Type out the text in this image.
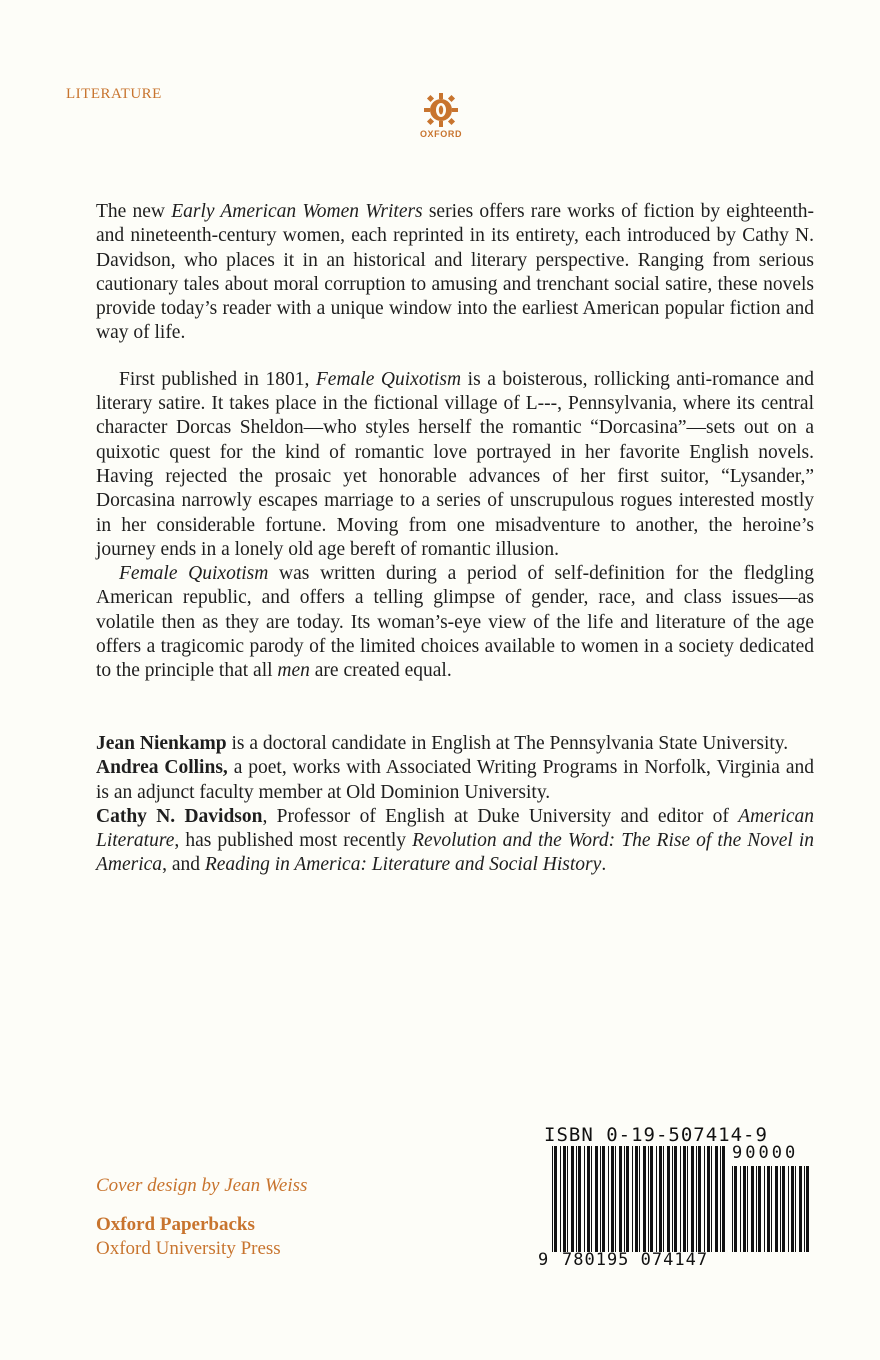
LITERATURE
OXFORD

The new Early American Women Writers series offers rare works of fiction by eighteenth- and nineteenth-century women, each reprinted in its entirety, each introduced by Cathy N. Davidson, who places it in an historical and literary perspective. Ranging from serious cautionary tales about moral corruption to amusing and trenchant social satire, these novels provide today’s reader with a unique window into the earliest American popular fiction and way of life.

First published in 1801, Female Quixotism is a boisterous, rollicking anti-romance and literary satire. It takes place in the fictional village of L---, Pennsylvania, where its central character Dorcas Sheldon—who styles herself the romantic “Dorcasina”—sets out on a quixotic quest for the kind of romantic love portrayed in her favorite English novels. Having rejected the prosaic yet honorable advances of her first suitor, “Lysander,” Dorcasina narrowly escapes marriage to a series of unscrupulous rogues interested mostly in her considerable fortune. Moving from one misadventure to another, the heroine’s journey ends in a lonely old age bereft of romantic illusion.

Female Quixotism was written during a period of self-definition for the fledgling American republic, and offers a telling glimpse of gender, race, and class issues—as volatile then as they are today. Its woman’s-eye view of the life and literature of the age offers a tragicomic parody of the limited choices available to women in a society dedicated to the principle that all men are created equal.

Jean Nienkamp is a doctoral candidate in English at The Pennsylvania State University.

Andrea Collins, a poet, works with Associated Writing Programs in Norfolk, Virginia and is an adjunct faculty member at Old Dominion University.

Cathy N. Davidson, Professor of English at Duke University and editor of American Literature, has published most recently Revolution and the Word: The Rise of the Novel in America, and Reading in America: Literature and Social History.

Cover design by Jean Weiss
Oxford Paperbacks
Oxford University Press
ISBN 0-19-507414-9
90000
9 780195 074147
